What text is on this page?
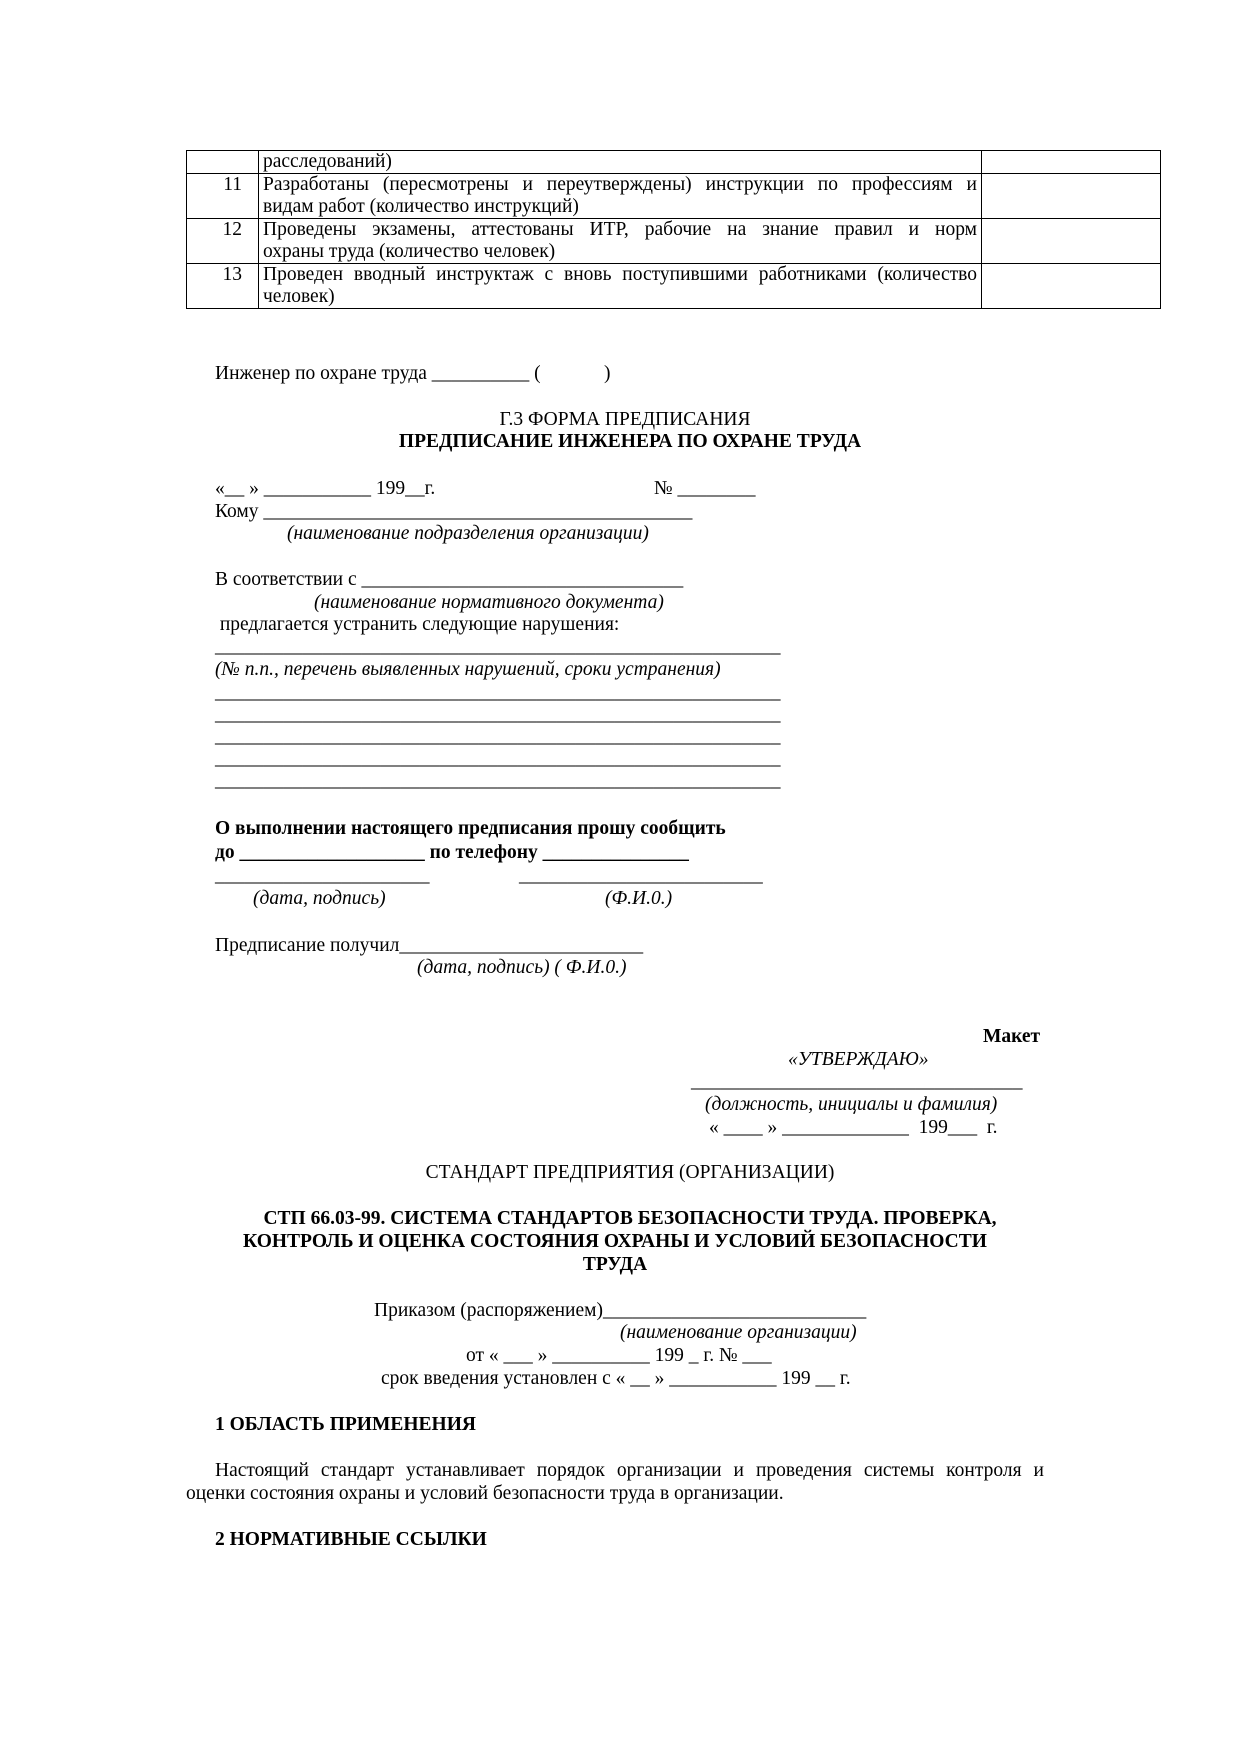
	расследований)	
11	Разработаны (пересмотрены и переутверждены) инструкции по профессиям и
видам работ (количество инструкций)	

12	Проведены экзамены, аттестованы ИТР, рабочие на знание правил и норм
охраны труда (количество человек)	

13	Проведен вводный инструктаж с вновь поступившими работниками (количество
человек)	

Инженер по охране труда __________ (             )
Г.3 ФОРМА ПРЕДПИСАНИЯ
ПРЕДПИСАНИЕ ИНЖЕНЕРА ПО ОХРАНЕ ТРУДА
«__ » ___________ 199__г.	№ ________
Кому ____________________________________________
(наименование подразделения организации)
В соответствии с _________________________________
(наименование нормативного документа)
предлагается устранить следующие нарушения:
__________________________________________________________
(№ п.п., перечень выявленных нарушений, сроки устранения)
__________________________________________________________
__________________________________________________________
__________________________________________________________
__________________________________________________________
__________________________________________________________
О выполнении настоящего предписания прошу сообщить
до ___________________ по телефону _______________
______________________	_________________________
(дата, подпись)	(Ф.И.0.)
Предписание получил_________________________
(дата, подпись) ( Ф.И.0.)
Макет
«УТВЕРЖДАЮ»
__________________________________
(должность, инициалы и фамилия)
« ____ » _____________  199___  г.
СТАНДАРТ ПРЕДПРИЯТИЯ (ОРГАНИЗАЦИИ)
СТП 66.03-99. СИСТЕМА СТАНДАРТОВ БЕЗОПАСНОСТИ ТРУДА. ПРОВЕРКА,
КОНТРОЛЬ И ОЦЕНКА СОСТОЯНИЯ ОХРАНЫ И УСЛОВИЙ БЕЗОПАСНОСТИ
ТРУДА
Приказом (распоряжением)___________________________
(наименование организации)
от « ___ » __________ 199 _ г. № ___
срок введения установлен с « __ » ___________ 199 __ г.
1 ОБЛАСТЬ ПРИМЕНЕНИЯ
Настоящий стандарт устанавливает порядок организации и проведения системы контроля и
оценки состояния охраны и условий безопасности труда в организации.
2 НОРМАТИВНЫЕ ССЫЛКИ
